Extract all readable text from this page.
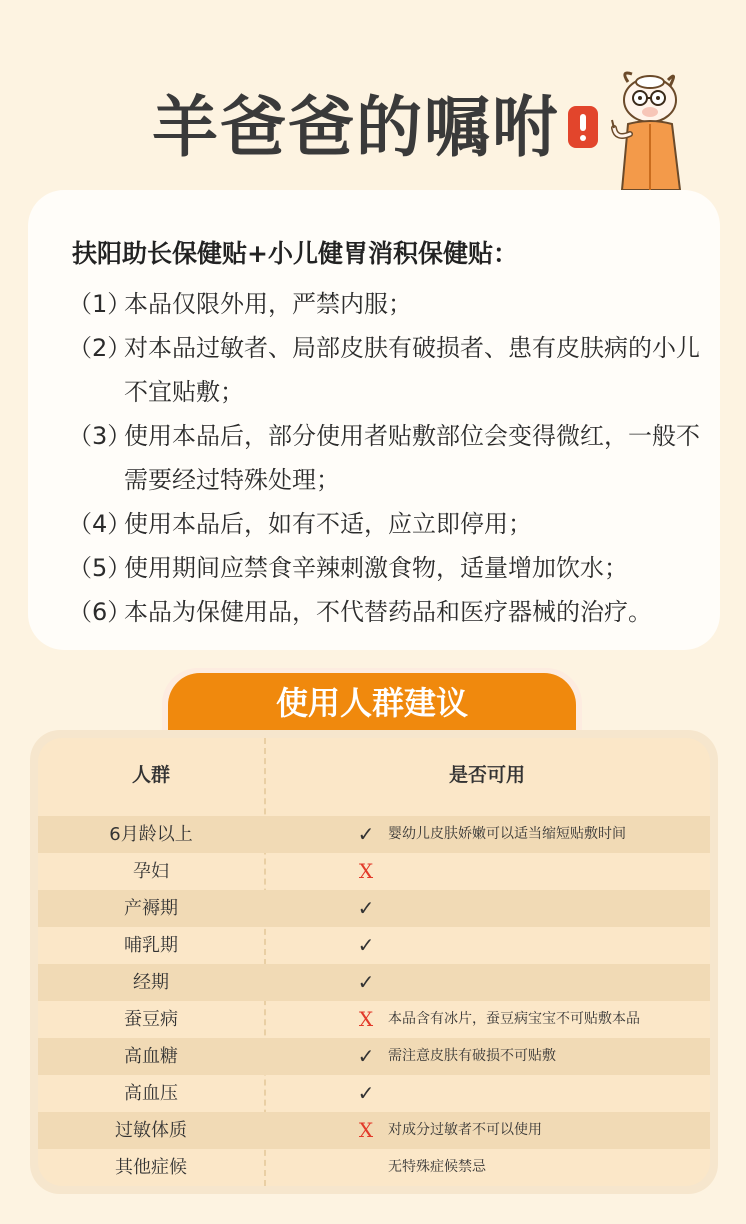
羊爸爸的嘱咐
扶阳助长保健贴+小儿健胃消积保健贴：
（1）
本品仅限外用，严禁内服；
（2）
对本品过敏者、局部皮肤有破损者、患有皮肤病的小儿不宜贴敷；
（3）
使用本品后，部分使用者贴敷部位会变得微红，一般不需要经过特殊处理；
（4）
使用本品后，如有不适，应立即停用；
（5）
使用期间应禁食辛辣刺激食物，适量增加饮水；
（6）
本品为保健用品，不代替药品和医疗器械的治疗。
使用人群建议
人群	是否可用
6月龄以上	✓ 婴幼儿皮肤娇嫩可以适当缩短贴敷时间
孕妇	X
产褥期	✓
哺乳期	✓
经期	✓
蚕豆病	X	本品含有冰片，蚕豆病宝宝不可贴敷本品
高血糖	✓ 需注意皮肤有破损不可贴敷
高血压	✓
过敏体质	X	对成分过敏者不可以使用
其他症候	无特殊症候禁忌
